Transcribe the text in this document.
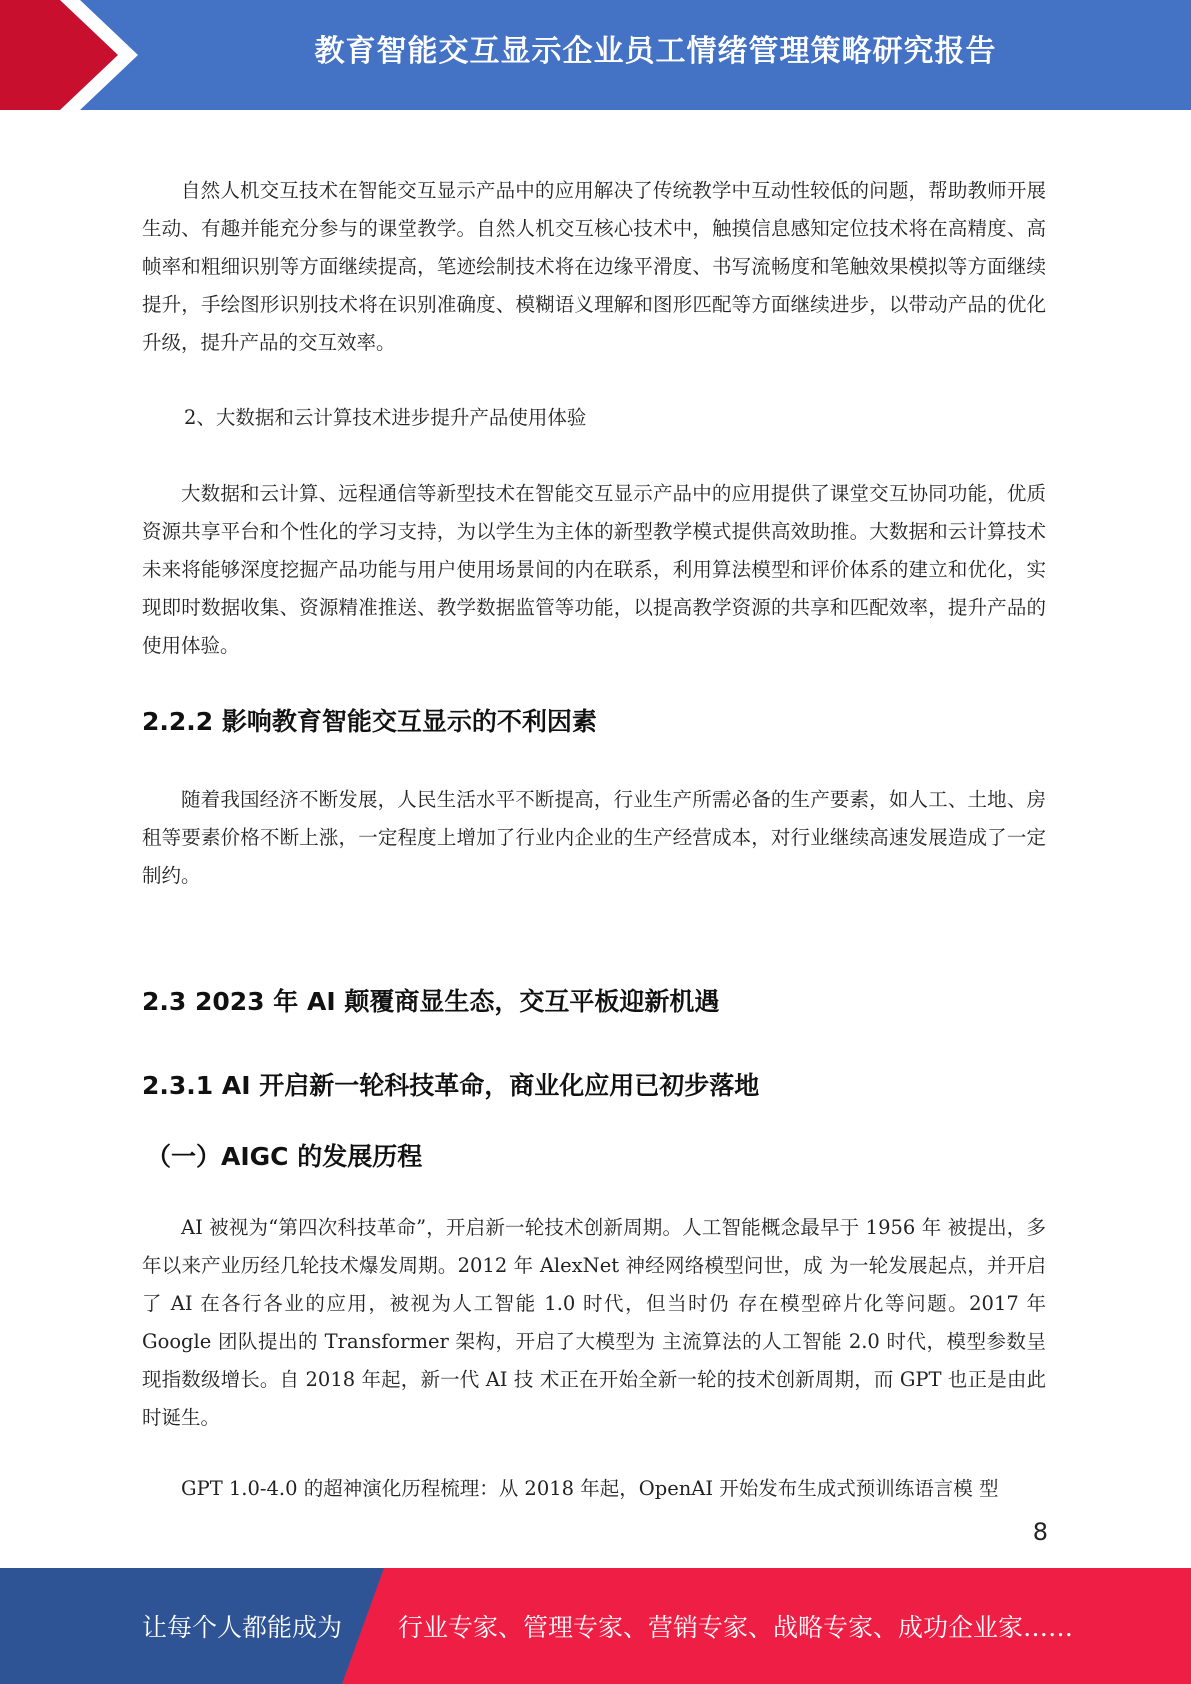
教育智能交互显示企业员工情绪管理策略研究报告

自然人机交互技术在智能交互显示产品中的应用解决了传统教学中互动性较低的问题，帮助教师开展生动、有趣并能充分参与的课堂教学。自然人机交互核心技术中，触摸信息感知定位技术将在高精度、高帧率和粗细识别等方面继续提高，笔迹绘制技术将在边缘平滑度、书写流畅度和笔触效果模拟等方面继续提升，手绘图形识别技术将在识别准确度、模糊语义理解和图形匹配等方面继续进步，以带动产品的优化升级，提升产品的交互效率。

2、大数据和云计算技术进步提升产品使用体验

大数据和云计算、远程通信等新型技术在智能交互显示产品中的应用提供了课堂交互协同功能，优质资源共享平台和个性化的学习支持，为以学生为主体的新型教学模式提供高效助推。大数据和云计算技术未来将能够深度挖掘产品功能与用户使用场景间的内在联系，利用算法模型和评价体系的建立和优化，实现即时数据收集、资源精准推送、教学数据监管等功能，以提高教学资源的共享和匹配效率，提升产品的使用体验。

2.2.2 影响教育智能交互显示的不利因素

随着我国经济不断发展，人民生活水平不断提高，行业生产所需必备的生产要素，如人工、土地、房租等要素价格不断上涨，一定程度上增加了行业内企业的生产经营成本，对行业继续高速发展造成了一定制约。

2.3 2023 年 AI 颠覆商显生态，交互平板迎新机遇
2.3.1 AI 开启新一轮科技革命，商业化应用已初步落地
（一）AIGC 的发展历程

AI 被视为“第四次科技革命”，开启新一轮技术创新周期。人工智能概念最早于 1956 年 被提出，多年以来产业历经几轮技术爆发周期。2012 年 AlexNet 神经网络模型问世，成 为一轮发展起点，并开启了 AI 在各行各业的应用，被视为人工智能 1.0 时代，但当时仍 存在模型碎片化等问题。2017 年 Google 团队提出的 Transformer 架构，开启了大模型为 主流算法的人工智能 2.0 时代，模型参数呈现指数级增长。自 2018 年起，新一代 AI 技 术正在开始全新一轮的技术创新周期，而 GPT 也正是由此时诞生。

GPT 1.0-4.0 的超神演化历程梳理：从 2018 年起，OpenAI 开始发布生成式预训练语言模 型

8
让每个人都能成为 行业专家、管理专家、营销专家、战略专家、成功企业家……
